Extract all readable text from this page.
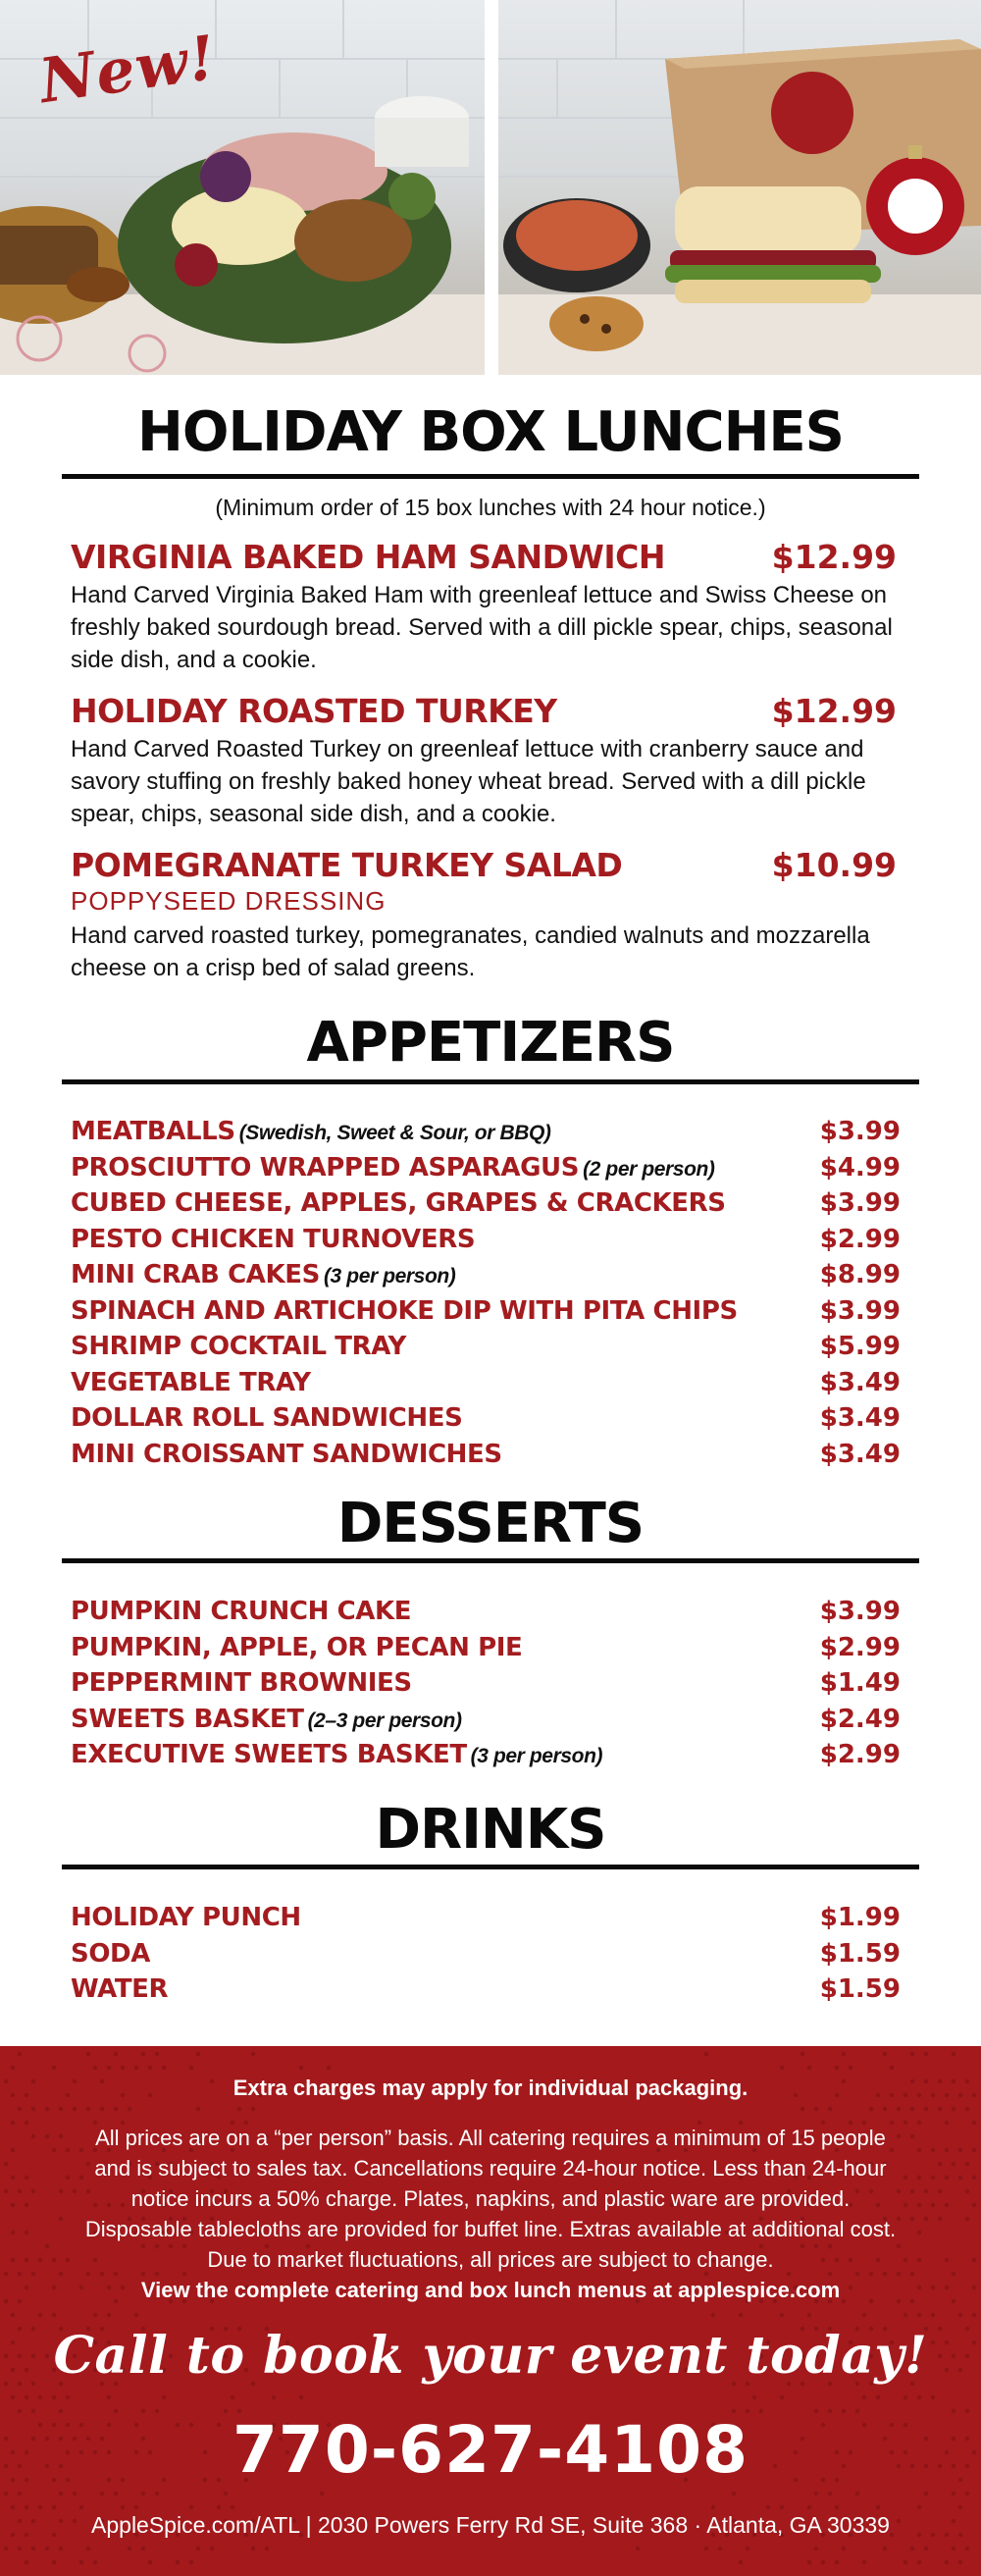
New!
HOLIDAY BOX LUNCHES
(Minimum order of 15 box lunches with 24 hour notice.)
VIRGINIA BAKED HAM SANDWICH	$12.99
Hand Carved Virginia Baked Ham with greenleaf lettuce and Swiss Cheese on freshly baked sourdough bread. Served with a dill pickle spear, chips, seasonal side dish, and a cookie.
HOLIDAY ROASTED TURKEY	$12.99
Hand Carved Roasted Turkey on greenleaf lettuce with cranberry sauce and savory stuffing on freshly baked honey wheat bread. Served with a dill pickle spear, chips, seasonal side dish, and a cookie.
POMEGRANATE TURKEY SALAD	$10.99
POPPYSEED DRESSING
Hand carved roasted turkey, pomegranates, candied walnuts and mozzarella cheese on a crisp bed of salad greens.
APPETIZERS
MEATBALLS (Swedish, Sweet & Sour, or BBQ)	$3.99
PROSCIUTTO WRAPPED ASPARAGUS (2 per person)	$4.99
CUBED CHEESE, APPLES, GRAPES & CRACKERS	$3.99
PESTO CHICKEN TURNOVERS	$2.99
MINI CRAB CAKES (3 per person)	$8.99
SPINACH AND ARTICHOKE DIP WITH PITA CHIPS	$3.99
SHRIMP COCKTAIL TRAY	$5.99
VEGETABLE TRAY	$3.49
DOLLAR ROLL SANDWICHES	$3.49
MINI CROISSANT SANDWICHES	$3.49
DESSERTS
PUMPKIN CRUNCH CAKE	$3.99
PUMPKIN, APPLE, OR PECAN PIE	$2.99
PEPPERMINT BROWNIES	$1.49
SWEETS BASKET (2–3 per person)	$2.49
EXECUTIVE SWEETS BASKET (3 per person)	$2.99
DRINKS
HOLIDAY PUNCH	$1.99
SODA	$1.59
WATER	$1.59
Extra charges may apply for individual packaging.
All prices are on a “per person” basis. All catering requires a minimum of 15 people
and is subject to sales tax. Cancellations require 24-hour notice. Less than 24-hour
notice incurs a 50% charge. Plates, napkins, and plastic ware are provided.
Disposable tablecloths are provided for buffet line. Extras available at additional cost.
Due to market fluctuations, all prices are subject to change.
View the complete catering and box lunch menus at applespice.com
Call to book your event today!
770-627-4108
AppleSpice.com/ATL | 2030 Powers Ferry Rd SE, Suite 368 · Atlanta, GA 30339
